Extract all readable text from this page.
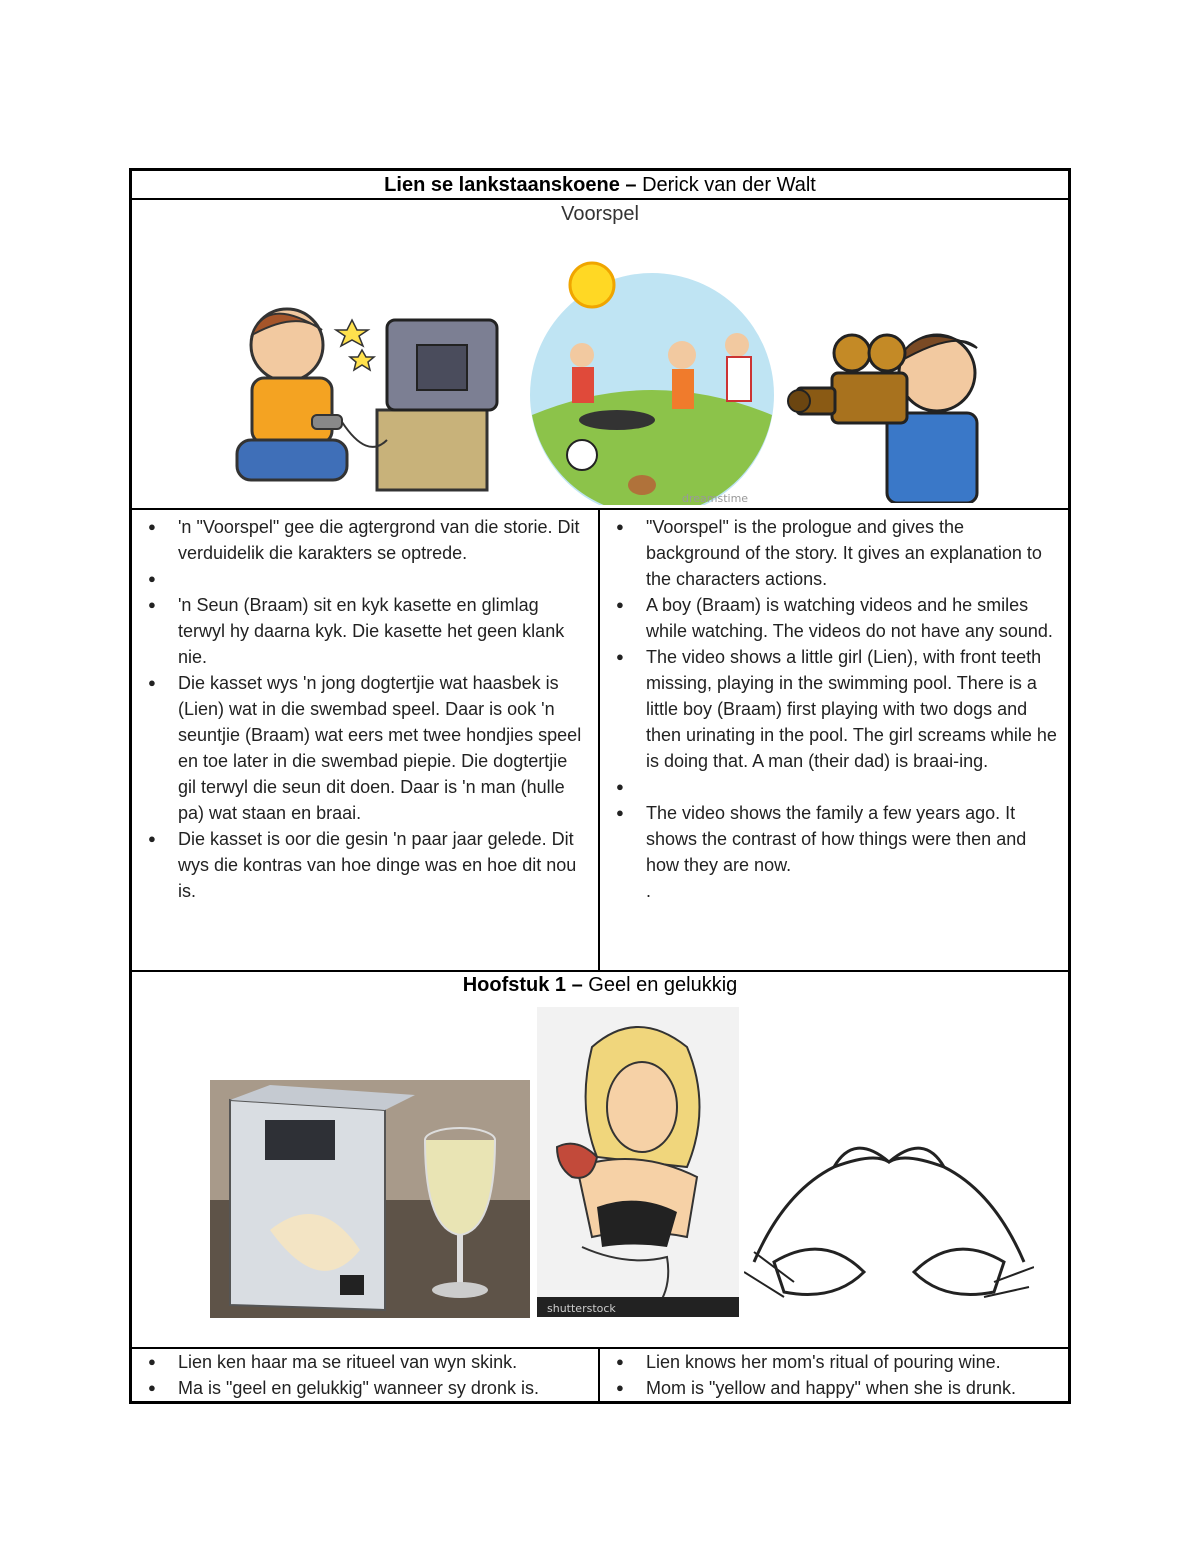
Lien se lankstaanskoene – Derick van der Walt
Voorspel
dreamstime
● 'n "Voorspel" gee die agtergrond van die storie. Dit verduidelik die karakters se optrede.
●
● 'n Seun (Braam) sit en kyk kasette en glimlag terwyl hy daarna kyk. Die kasette het geen klank nie.
● Die kasset wys 'n jong dogtertjie wat haasbek is (Lien) wat in die swembad speel. Daar is ook 'n seuntjie (Braam) wat eers met twee hondjies speel en toe later in die swembad piepie. Die dogtertjie gil terwyl die seun dit doen. Daar is 'n man (hulle pa) wat staan en braai.
● Die kasset is oor die gesin 'n paar jaar gelede. Dit wys die kontras van hoe dinge was en hoe dit nou is.
● "Voorspel" is the prologue and gives the background of the story. It gives an explanation to the characters actions.
● A boy (Braam) is watching videos and he smiles while watching. The videos do not have any sound.
● The video shows a little girl (Lien), with front teeth missing, playing in the swimming pool. There is a little boy (Braam) first playing with two dogs and then urinating in the pool. The girl screams while he is doing that. A man (their dad) is braai-ing.
●
● The video shows the family a few years ago. It shows the contrast of how things were then and how they are now.
.
Hoofstuk 1 – Geel en gelukkig
shutterstock
● Lien ken haar ma se ritueel van wyn skink.
● Ma is "geel en gelukkig" wanneer sy dronk is.
● Lien knows her mom's ritual of pouring wine.
● Mom is "yellow and happy" when she is drunk.
